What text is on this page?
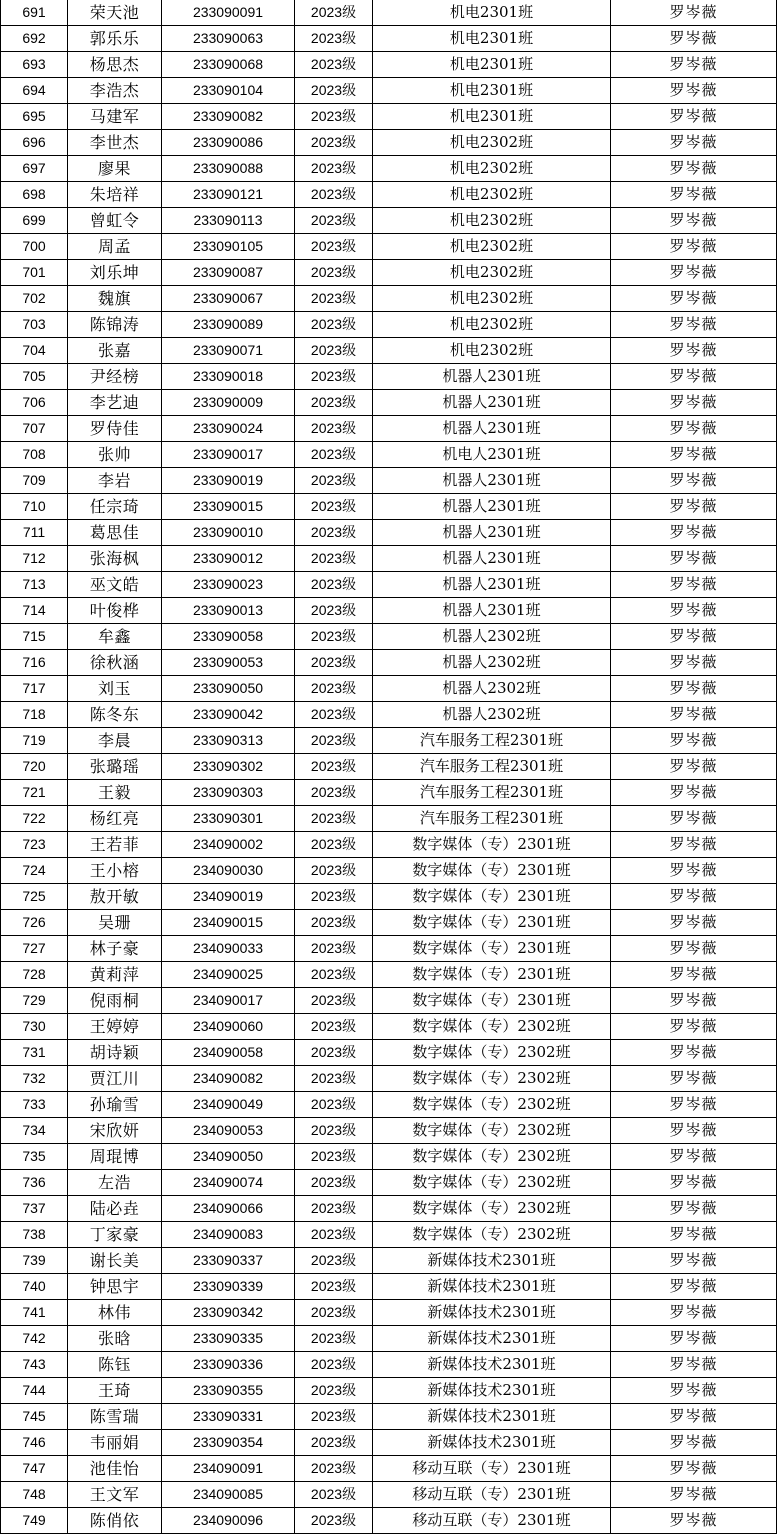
691	荣天池	233090091	2023级	机电2301班	罗岑薇
692	郭乐乐	233090063	2023级	机电2301班	罗岑薇
693	杨思杰	233090068	2023级	机电2301班	罗岑薇
694	李浩杰	233090104	2023级	机电2301班	罗岑薇
695	马建军	233090082	2023级	机电2301班	罗岑薇
696	李世杰	233090086	2023级	机电2302班	罗岑薇
697	廖果	233090088	2023级	机电2302班	罗岑薇
698	朱培祥	233090121	2023级	机电2302班	罗岑薇
699	曾虹令	233090113	2023级	机电2302班	罗岑薇
700	周孟	233090105	2023级	机电2302班	罗岑薇
701	刘乐坤	233090087	2023级	机电2302班	罗岑薇
702	魏旗	233090067	2023级	机电2302班	罗岑薇
703	陈锦涛	233090089	2023级	机电2302班	罗岑薇
704	张嘉	233090071	2023级	机电2302班	罗岑薇
705	尹经榜	233090018	2023级	机器人2301班	罗岑薇
706	李艺迪	233090009	2023级	机器人2301班	罗岑薇
707	罗侍佳	233090024	2023级	机器人2301班	罗岑薇
708	张帅	233090017	2023级	机电人2301班	罗岑薇
709	李岩	233090019	2023级	机器人2301班	罗岑薇
710	任宗琦	233090015	2023级	机器人2301班	罗岑薇
711	葛思佳	233090010	2023级	机器人2301班	罗岑薇
712	张海枫	233090012	2023级	机器人2301班	罗岑薇
713	巫文皓	233090023	2023级	机器人2301班	罗岑薇
714	叶俊桦	233090013	2023级	机器人2301班	罗岑薇
715	牟鑫	233090058	2023级	机器人2302班	罗岑薇
716	徐秋涵	233090053	2023级	机器人2302班	罗岑薇
717	刘玉	233090050	2023级	机器人2302班	罗岑薇
718	陈冬东	233090042	2023级	机器人2302班	罗岑薇
719	李晨	233090313	2023级	汽车服务工程2301班	罗岑薇
720	张璐瑶	233090302	2023级	汽车服务工程2301班	罗岑薇
721	王毅	233090303	2023级	汽车服务工程2301班	罗岑薇
722	杨红亮	233090301	2023级	汽车服务工程2301班	罗岑薇
723	王若菲	234090002	2023级	数字媒体（专）2301班	罗岑薇
724	王小榕	234090030	2023级	数字媒体（专）2301班	罗岑薇
725	敖开敏	234090019	2023级	数字媒体（专）2301班	罗岑薇
726	吴珊	234090015	2023级	数字媒体（专）2301班	罗岑薇
727	林子豪	234090033	2023级	数字媒体（专）2301班	罗岑薇
728	黄莉萍	234090025	2023级	数字媒体（专）2301班	罗岑薇
729	倪雨桐	234090017	2023级	数字媒体（专）2301班	罗岑薇
730	王婷婷	234090060	2023级	数字媒体（专）2302班	罗岑薇
731	胡诗颖	234090058	2023级	数字媒体（专）2302班	罗岑薇
732	贾江川	234090082	2023级	数字媒体（专）2302班	罗岑薇
733	孙瑜雪	234090049	2023级	数字媒体（专）2302班	罗岑薇
734	宋欣妍	234090053	2023级	数字媒体（专）2302班	罗岑薇
735	周琨博	234090050	2023级	数字媒体（专）2302班	罗岑薇
736	左浩	234090074	2023级	数字媒体（专）2302班	罗岑薇
737	陆必垚	234090066	2023级	数字媒体（专）2302班	罗岑薇
738	丁家豪	234090083	2023级	数字媒体（专）2302班	罗岑薇
739	谢长美	233090337	2023级	新媒体技术2301班	罗岑薇
740	钟思宇	233090339	2023级	新媒体技术2301班	罗岑薇
741	林伟	233090342	2023级	新媒体技术2301班	罗岑薇
742	张晗	233090335	2023级	新媒体技术2301班	罗岑薇
743	陈钰	233090336	2023级	新媒体技术2301班	罗岑薇
744	王琦	233090355	2023级	新媒体技术2301班	罗岑薇
745	陈雪瑞	233090331	2023级	新媒体技术2301班	罗岑薇
746	韦丽娟	233090354	2023级	新媒体技术2301班	罗岑薇
747	池佳怡	234090091	2023级	移动互联（专）2301班	罗岑薇
748	王文军	234090085	2023级	移动互联（专）2301班	罗岑薇
749	陈俏依	234090096	2023级	移动互联（专）2301班	罗岑薇
